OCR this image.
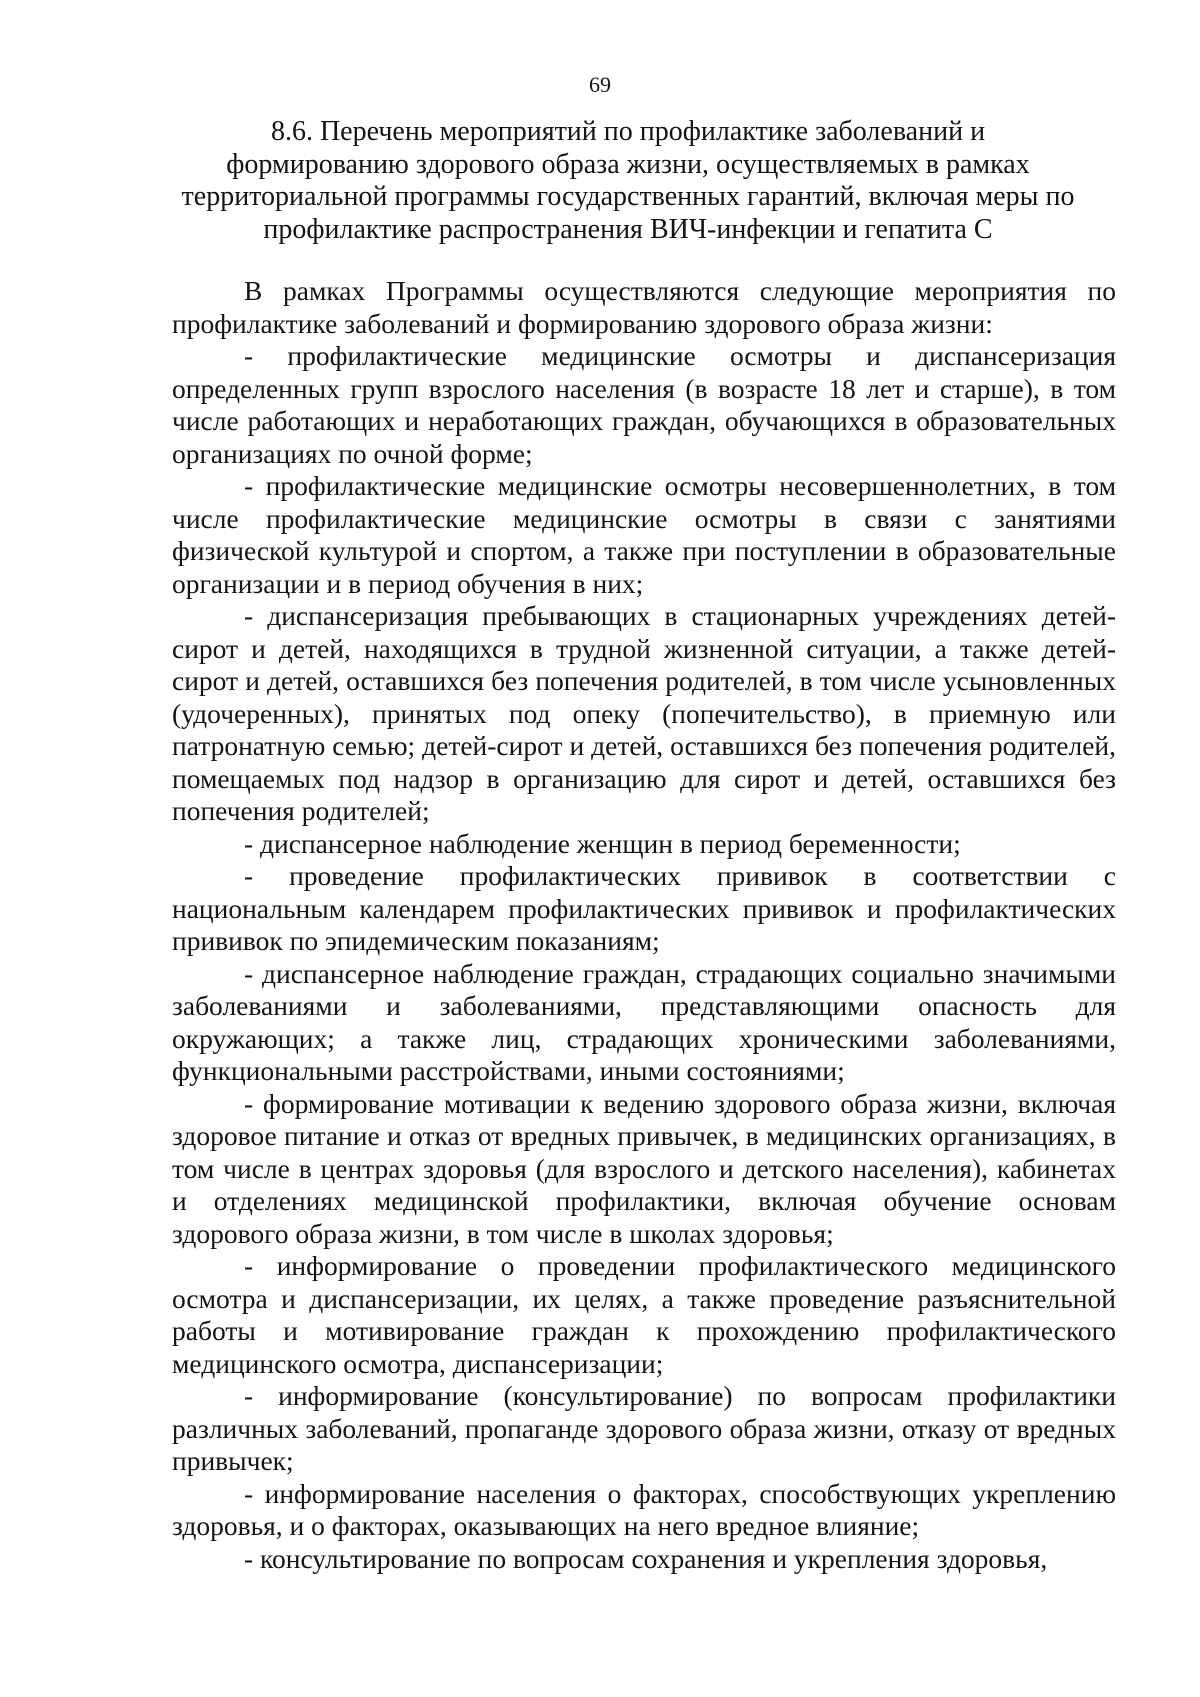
69
8.6. Перечень мероприятий по профилактике заболеваний и
формированию здорового образа жизни, осуществляемых в рамках
территориальной программы государственных гарантий, включая меры по
профилактике распространения ВИЧ-инфекции и гепатита С

В рамках Программы осуществляются следующие мероприятия по профилактике заболеваний и формированию здорового образа жизни:

- профилактические медицинские осмотры и диспансеризация определенных групп взрослого населения (в возрасте 18 лет и старше), в том числе работающих и неработающих граждан, обучающихся в образовательных организациях по очной форме;

- профилактические медицинские осмотры несовершеннолетних, в том числе профилактические медицинские осмотры в связи с занятиями физической культурой и спортом, а также при поступлении в образовательные организации и в период обучения в них;

- диспансеризация пребывающих в стационарных учреждениях детей-сирот и детей, находящихся в трудной жизненной ситуации, а также детей-сирот и детей, оставшихся без попечения родителей, в том числе усыновленных (удочеренных), принятых под опеку (попечительство), в приемную или патронатную семью; детей-сирот и детей, оставшихся без попечения родителей, помещаемых под надзор в организацию для сирот и детей, оставшихся без попечения родителей;

- диспансерное наблюдение женщин в период беременности;

- проведение профилактических прививок в соответствии с национальным календарем профилактических прививок и профилактических прививок по эпидемическим показаниям;

- диспансерное наблюдение граждан, страдающих социально значимыми заболеваниями и заболеваниями, представляющими опасность для окружающих; а также лиц, страдающих хроническими заболеваниями, функциональными расстройствами, иными состояниями;

- формирование мотивации к ведению здорового образа жизни, включая здоровое питание и отказ от вредных привычек, в медицинских организациях, в том числе в центрах здоровья (для взрослого и детского населения), кабинетах и отделениях медицинской профилактики, включая обучение основам здорового образа жизни, в том числе в школах здоровья;

- информирование о проведении профилактического медицинского осмотра и диспансеризации, их целях, а также проведение разъяснительной работы и мотивирование граждан к прохождению профилактического медицинского осмотра, диспансеризации;

- информирование (консультирование) по вопросам профилактики различных заболеваний, пропаганде здорового образа жизни, отказу от вредных привычек;

- информирование населения о факторах, способствующих укреплению здоровья, и о факторах, оказывающих на него вредное влияние;

- консультирование по вопросам сохранения и укрепления здоровья,
